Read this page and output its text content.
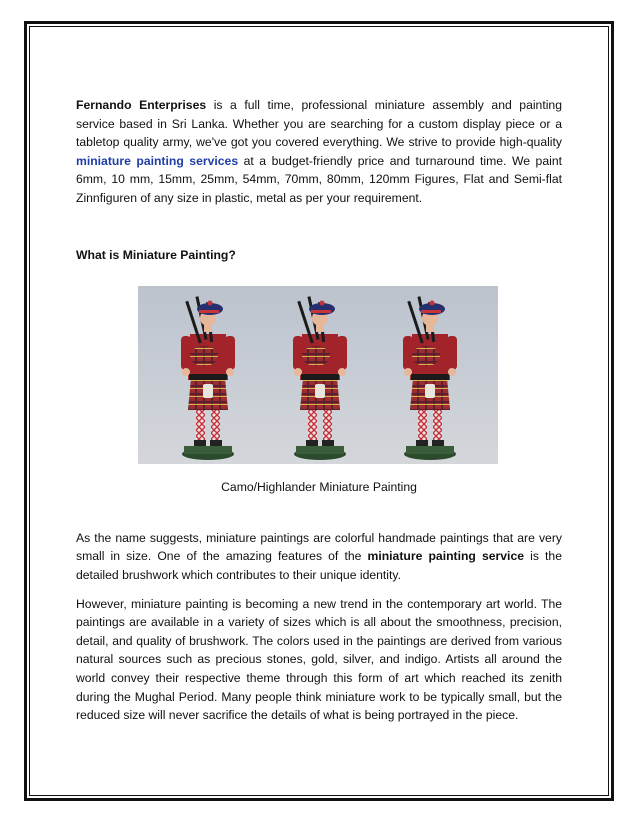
Fernando Enterprises is a full time, professional miniature assembly and painting service based in Sri Lanka. Whether you are searching for a custom display piece or a tabletop quality army, we've got you covered everything. We strive to provide high-quality miniature painting services at a budget-friendly price and turnaround time. We paint 6mm, 10 mm, 15mm, 25mm, 54mm, 70mm, 80mm, 120mm Figures, Flat and Semi-flat Zinnfiguren of any size in plastic, metal as per your requirement.

What is Miniature Painting?

Camo/Highlander Miniature Painting

As the name suggests, miniature paintings are colorful handmade paintings that are very small in size. One of the amazing features of the miniature painting service is the detailed brushwork which contributes to their unique identity.

However, miniature painting is becoming a new trend in the contemporary art world. The paintings are available in a variety of sizes which is all about the smoothness, precision, detail, and quality of brushwork. The colors used in the paintings are derived from various natural sources such as precious stones, gold, silver, and indigo. Artists all around the world convey their respective theme through this form of art which reached its zenith during the Mughal Period. Many people think miniature work to be typically small, but the reduced size will never sacrifice the details of what is being portrayed in the piece.
